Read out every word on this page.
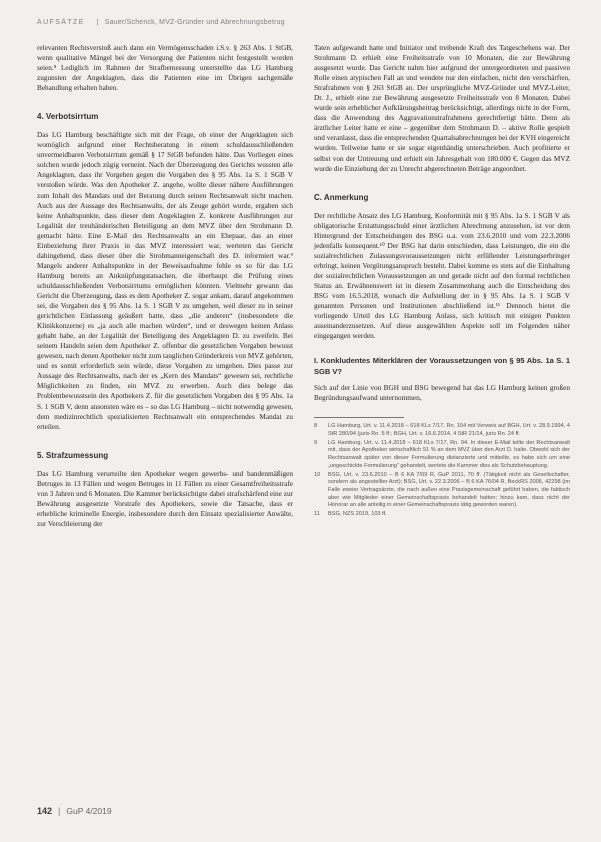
AUFSÄTZE | Sauer/Schenck, MVZ-Gründer und Abrechnungsbetrug

relevanten Rechtsverstoß auch dann ein Vermögensschaden i.S.v. § 263 Abs. 1 StGB, wenn qualitative Mängel bei der Versorgung der Patienten nicht festgestellt worden seien.⁸ Lediglich im Rahmen der Strafbemessung unterstellte das LG Hamburg zugunsten der Angeklagten, dass die Patienten eine im Übrigen sachgemäße Behandlung erhalten haben.

4. Verbotsirrtum

Das LG Hamburg beschäftigte sich mit der Frage, ob einer der Angeklagten sich womöglich aufgrund einer Rechtsberatung in einem schuldausschließenden unvermeidbaren Verbotsirrtum gemäß § 17 StGB befunden hätte. Das Vorliegen eines solchen wurde jedoch zügig verneint. Nach der Überzeugung des Gerichts wussten alle Angeklagten, dass ihr Vorgehen gegen die Vorgaben des § 95 Abs. 1a S. 1 SGB V verstoßen würde. Was den Apotheker Z. angehe, wollte dieser nähere Ausführungen zum Inhalt des Mandats und der Beratung durch seinen Rechtsanwalt nicht machen. Auch aus der Aussage des Rechtsanwalts, der als Zeuge gehört wurde, ergaben sich keine Anhaltspunkte, dass dieser dem Angeklagten Z. konkrete Ausführungen zur Legalität der treuhänderischen Beteiligung an dem MVZ über den Strohmann D. gemacht hätte. Eine E-Mail des Rechtsanwalts an ein Ehepaar, das an einer Einbeziehung ihrer Praxis in das MVZ interessiert war, werteten das Gericht dahingehend, dass dieser über die Strohmanneigenschaft des D. informiert war.⁹ Mangels anderer Anhaltspunkte in der Beweisaufnahme fehle es so für das LG Hamburg bereits an Anknüpfungstatsachen, die überhaupt die Prüfung eines schuldausschließenden Verbotsirrtums ermöglichen könnten. Vielmehr gewann das Gericht die Überzeugung, dass es dem Apotheker Z. sogar ankam, darauf angekommen sei, die Vorgaben des § 95 Abs. 1a S. 1 SGB V zu umgehen, weil dieser zu in seiner gerichtlichen Einlassung geäußert hatte, dass „die anderen“ (insbesondere die Klinikkonzerne) es „ja auch alle machen würden“, und er deswegen keinen Anlass gehabt habe, an der Legalität der Beteiligung des Angeklagten D. zu zweifeln. Bei seinem Handeln seien dem Apotheker Z. offenbar die gesetzlichen Vorgaben bewusst gewesen, nach denen Apotheker nicht zum tauglichen Gründerkreis von MVZ gehörten, und es somit erforderlich sein würde, diese Vorgaben zu umgehen. Dies passe zur Aussage des Rechtsanwalts, nach der es „Kern des Mandats“ gewesen sei, rechtliche Möglichkeiten zu finden, ein MVZ zu erwerben. Auch dies belege das Problembewusstsein des Apothekers Z. für die gesetzlichen Vorgaben des § 95 Abs. 1a S. 1 SGB V, denn ansonsten wäre es – so das LG Hamburg – nicht notwendig gewesen, dem medizinrechtlich spezialisierten Rechtsanwalt ein entsprechendes Mandat zu erteilen.

5. Strafzumessung

Das LG Hamburg verurteilte den Apotheker wegen gewerbs- und bandenmäßigen Betruges in 13 Fällen und wegen Betruges in 11 Fällen zu einer Gesamtfreiheitsstrafe von 3 Jahren und 6 Monaten. Die Kammer berücksichtigte dabei strafschärfend eine zur Bewährung ausgesetzte Vorstrafe des Apothekers, sowie die Tatsache, dass er erhebliche kriminelle Energie, insbesondere durch den Einsatz spezialisierter Anwälte, zur Verschleierung der

Taten aufgewandt hatte und Initiator und treibende Kraft des Tatgeschehens war. Der Strohmann D. erhielt eine Freiheitsstrafe von 10 Monaten, die zur Bewährung ausgesetzt wurde. Das Gericht nahm hier aufgrund der untergeordneten und passiven Rolle einen atypischen Fall an und wendete nur den einfachen, nicht den verschärften, Strafrahmen von § 263 StGB an. Der ursprüngliche MVZ-Gründer und MVZ-Leiter, Dr. J., erhielt eine zur Bewährung ausgesetzte Freiheitsstrafe von 8 Monaten. Dabei wurde sein erheblicher Aufklärungsbeitrag berücksichtigt, allerdings nicht in der Form, dass die Anwendung des Aggravationstrafrahmens gerechtfertigt hätte. Denn als ärztlicher Leiter hatte er eine – gegenüber dem Strohmann D. – aktive Rolle gespielt und veranlasst, dass die entsprechenden Quartalsabrechnungen bei der KVH eingereicht wurden. Teilweise hatte er sie sogar eigenhändig unterschrieben. Auch profitierte er selbst von der Untreuung und erhielt ein Jahresgehalt von 180.000 €. Gegen das MVZ wurde die Einziehung der zu Unrecht abgerechneten Beträge angeordnet.

C. Anmerkung

Der rechtliche Ansatz des LG Hamburg, Konformität mit § 95 Abs. 1a S. 1 SGB V als obligatorische Erstattungsschuld einer ärztlichen Abrechnung anzusehen, ist vor dem Hintergrund der Entscheidungen des BSG u.a. vom 23.6.2010 und vom 22.3.2006 jedenfalls konsequent.¹⁰ Der BSG hat darin entschieden, dass Leistungen, die ein die sozialrechtlichen Zulassungsvoraussetzungen nicht erfüllender Leistungserbringer erbringt, keinen Vergütungsanspruch besteht. Dabei komme es stets auf die Einhaltung der sozialrechtlichen Voraussetzungen an und gerade nicht auf den formal rechtlichen Status an. Erwähnenswert ist in diesem Zusammenhang auch die Entscheidung des BSG vom 16.5.2018, wonach die Aufstellung der in § 95 Abs. 1a S. 1 SGB V genannten Personen und Institutionen abschließend ist.¹¹ Dennoch bietet die vorliegende Urteil des LG Hamburg Anlass, sich kritisch mit einigen Punkten auseinanderzusetzen. Auf diese ausgewählten Aspekte soll im Folgenden näher eingegangen werden.

I. Konkludentes Miterklären der Voraussetzungen von § 95 Abs. 1a S. 1 SGB V?

Sich auf der Linie von BGH und BSG bewegend hat das LG Hamburg keinen großen Begründungsaufwand unternommen,

8	LG Hamburg, Urt. v. 11.4.2018 – 618 KLs 7/17, Rn. 154 mit Verweis auf BGH, Urt. v. 28.9.1994, 4 StR 280/94 (juris Rn. 5 ff.; BGH, Urt. v. 16.6.2014, 4 StR 21/14, juris Rn. 24 ff.
9	LG Hamburg, Urt. v. 11.4.2018 – 618 KLs 7/17, Rn. 94. In dieser E-Mail teilte der Rechtsanwalt mit, dass der Apotheker wirtschaftlich 91 % an dem MVZ über den Arzt D. halte. Obwohl sich der Rechtsanwalt später von dieser Formulierung distanzierte und mitteilte, es habe sich um eine „ungeschickte Formulierung“ gehandelt, wertete die Kammer dies als Schutzbehauptung.
10	BSG, Urt. v. 23.6.2010 – B 6 KA 7/09 R, GuP 2011, 70 ff. (Tätigkeit nicht als Gesellschafter, sondern als angestellter Arzt); BSG, Urt. v. 22.3.2006 – B 6 KA 76/04 R, BeckRS 2006, 42298 (im Falle zweier Vertragsärzte, die nach außen eine Praxisgemeinschaft geführt haben, die faktisch aber wie Mitglieder einer Gemeinschaftspraxis behandelt hatten; hinzu kam, dass nicht der Honorar an alle anteilig in einer Gemeinschaftspraxis tätig geworden waren).
11	BSG, NZS 2019, 103 ff.
142 | GuP 4/2019
